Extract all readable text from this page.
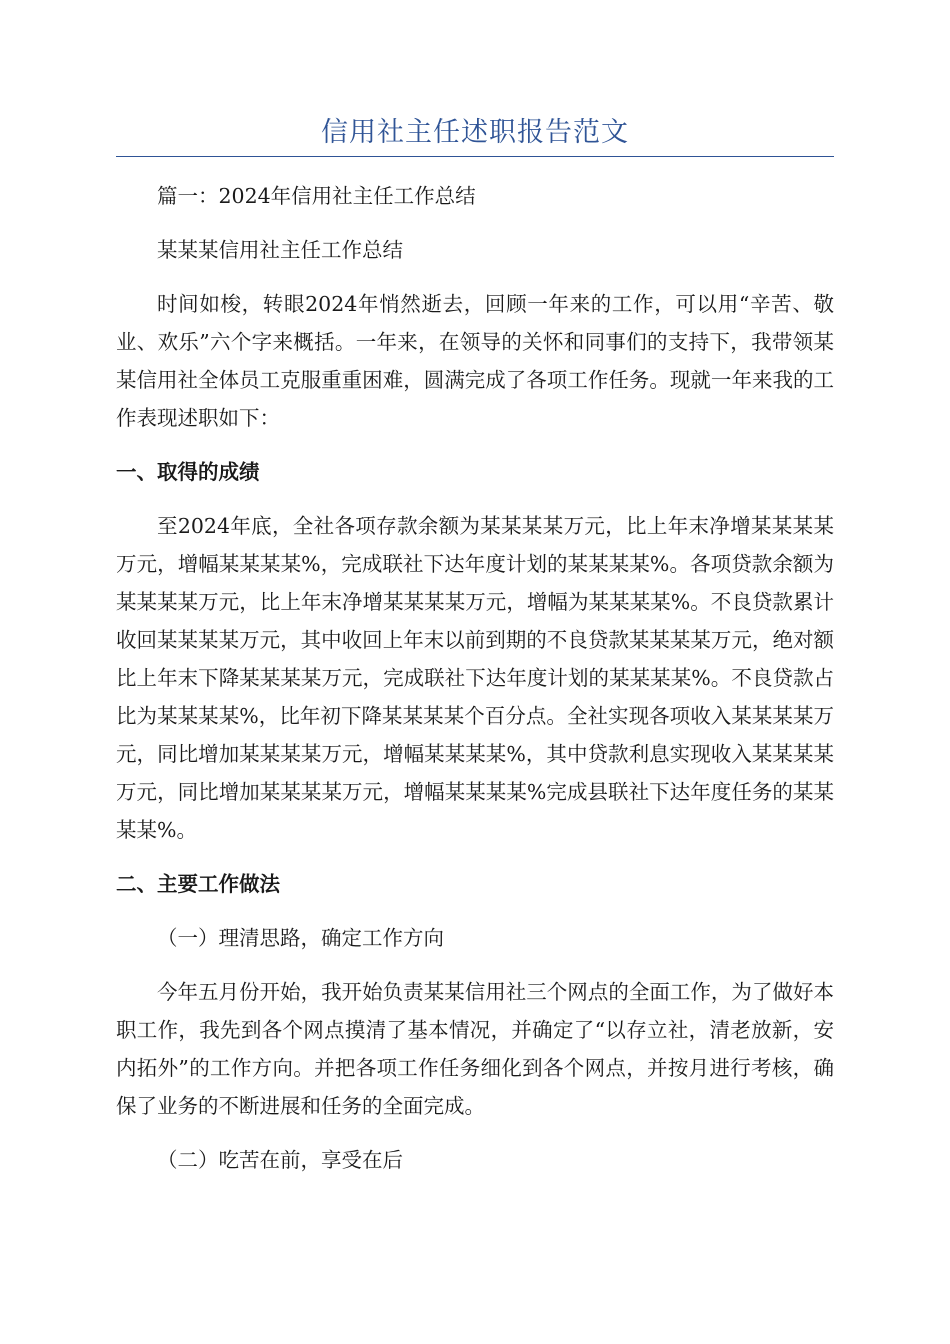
信用社主任述职报告范文

篇一：2024年信用社主任工作总结

某某某信用社主任工作总结

时间如梭，转眼2024年悄然逝去，回顾一年来的工作，可以用“辛苦、敬业、欢乐”六个字来概括。一年来，在领导的关怀和同事们的支持下，我带领某某信用社全体员工克服重重困难，圆满完成了各项工作任务。现就一年来我的工作表现述职如下：

一、取得的成绩

至2024年底，全社各项存款余额为某某某某万元，比上年末净增某某某某万元，增幅某某某某%，完成联社下达年度计划的某某某某%。各项贷款余额为某某某某万元，比上年末净增某某某某万元，增幅为某某某某%。不良贷款累计收回某某某某万元，其中收回上年末以前到期的不良贷款某某某某万元，绝对额比上年末下降某某某某万元，完成联社下达年度计划的某某某某%。不良贷款占比为某某某某%，比年初下降某某某某个百分点。全社实现各项收入某某某某万元，同比增加某某某某万元，增幅某某某某%，其中贷款利息实现收入某某某某万元，同比增加某某某某万元，增幅某某某某%完成县联社下达年度任务的某某某某%。

二、主要工作做法

（一）理清思路，确定工作方向

今年五月份开始，我开始负责某某信用社三个网点的全面工作，为了做好本职工作，我先到各个网点摸清了基本情况，并确定了“以存立社，清老放新，安内拓外”的工作方向。并把各项工作任务细化到各个网点，并按月进行考核，确保了业务的不断进展和任务的全面完成。

（二）吃苦在前，享受在后
